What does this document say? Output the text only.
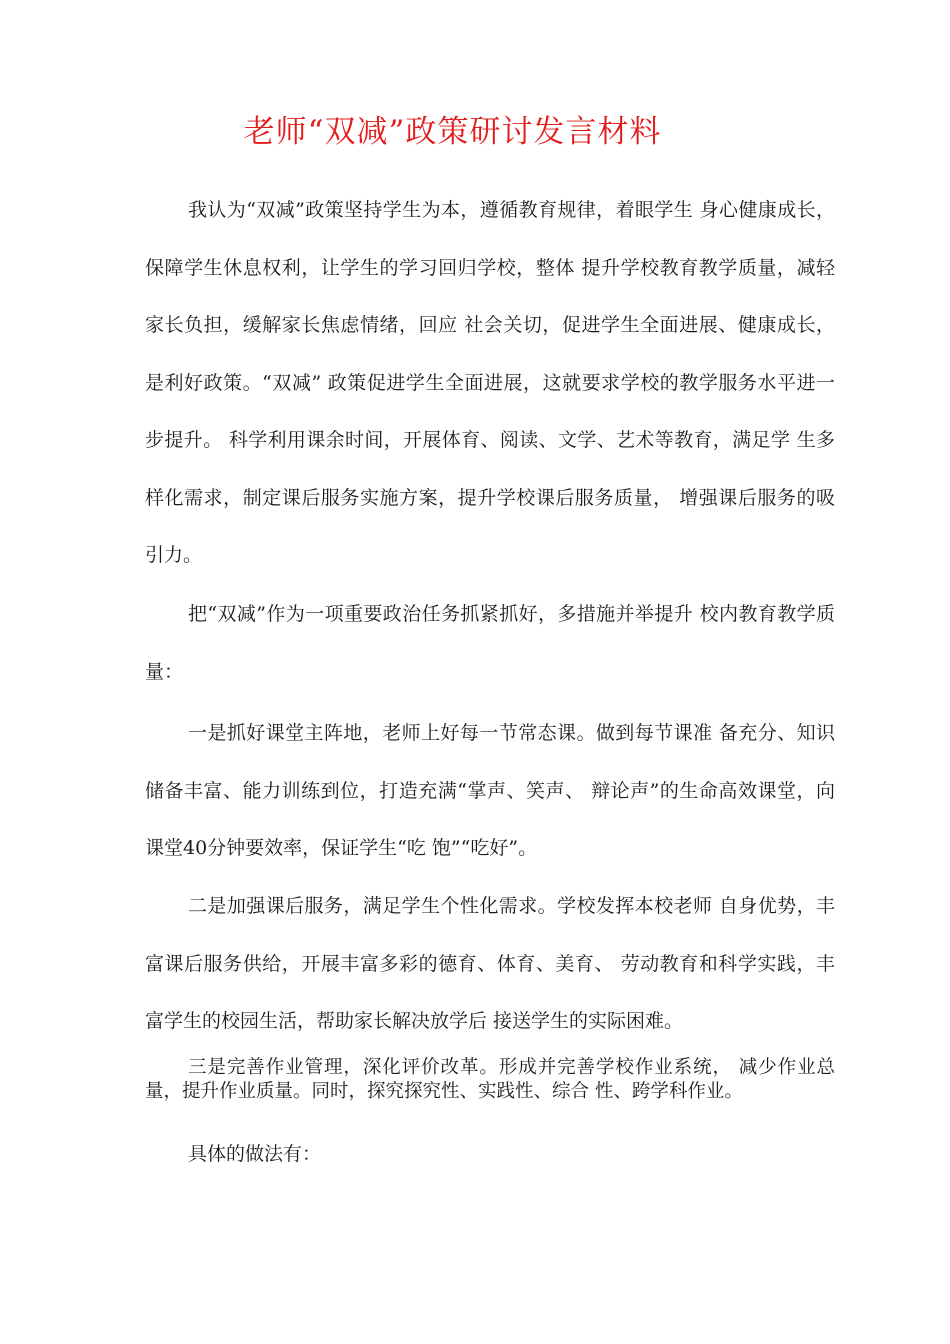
老师“双减”政策研讨发言材料

我认为“双减”政策坚持学生为本，遵循教育规律，着眼学生 身心健康成长，保障学生休息权利，让学生的学习回归学校，整体 提升学校教育教学质量，减轻家长负担，缓解家长焦虑情绪，回应 社会关切，促进学生全面进展、健康成长，是利好政策。“双减” 政策促进学生全面进展，这就要求学校的教学服务水平进一步提升。 科学利用课余时间，开展体育、阅读、文学、艺术等教育，满足学 生多样化需求，制定课后服务实施方案，提升学校课后服务质量， 增强课后服务的吸引力。

把“双减”作为一项重要政治任务抓紧抓好，多措施并举提升 校内教育教学质量：

一是抓好课堂主阵地，老师上好每一节常态课。做到每节课准 备充分、知识储备丰富、能力训练到位，打造充满“掌声、笑声、 辩论声”的生命高效课堂，向课堂40分钟要效率，保证学生“吃 饱”“吃好”。

二是加强课后服务，满足学生个性化需求。学校发挥本校老师 自身优势，丰富课后服务供给，开展丰富多彩的德育、体育、美育、 劳动教育和科学实践，丰富学生的校园生活，帮助家长解决放学后 接送学生的实际困难。

三是完善作业管理，深化评价改革。形成并完善学校作业系统， 减少作业总量，提升作业质量。同时，探究探究性、实践性、综合 性、跨学科作业。

具体的做法有：
